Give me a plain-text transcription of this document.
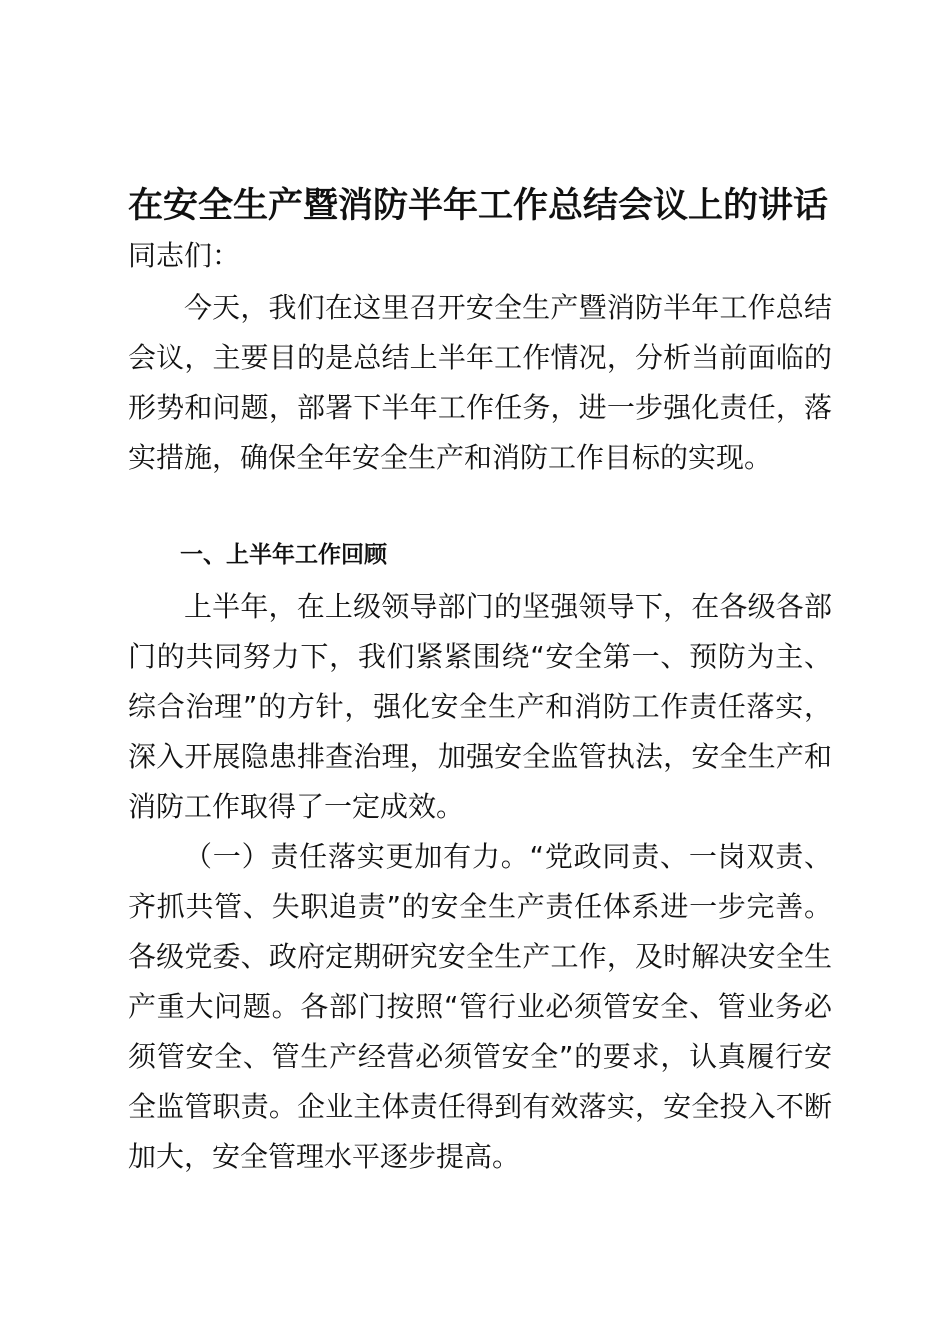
在安全生产暨消防半年工作总结会议上的讲话

同志们：

今天，我们在这里召开安全生产暨消防半年工作总结会议，主要目的是总结上半年工作情况，分析当前面临的形势和问题，部署下半年工作任务，进一步强化责任，落实措施，确保全年安全生产和消防工作目标的实现。

一、上半年工作回顾

上半年，在上级领导部门的坚强领导下，在各级各部门的共同努力下，我们紧紧围绕“安全第一、预防为主、综合治理”的方针，强化安全生产和消防工作责任落实，深入开展隐患排查治理，加强安全监管执法，安全生产和消防工作取得了一定成效。

（一）责任落实更加有力。“党政同责、一岗双责、齐抓共管、失职追责”的安全生产责任体系进一步完善。各级党委、政府定期研究安全生产工作，及时解决安全生产重大问题。各部门按照“管行业必须管安全、管业务必须管安全、管生产经营必须管安全”的要求，认真履行安全监管职责。企业主体责任得到有效落实，安全投入不断加大，安全管理水平逐步提高。
